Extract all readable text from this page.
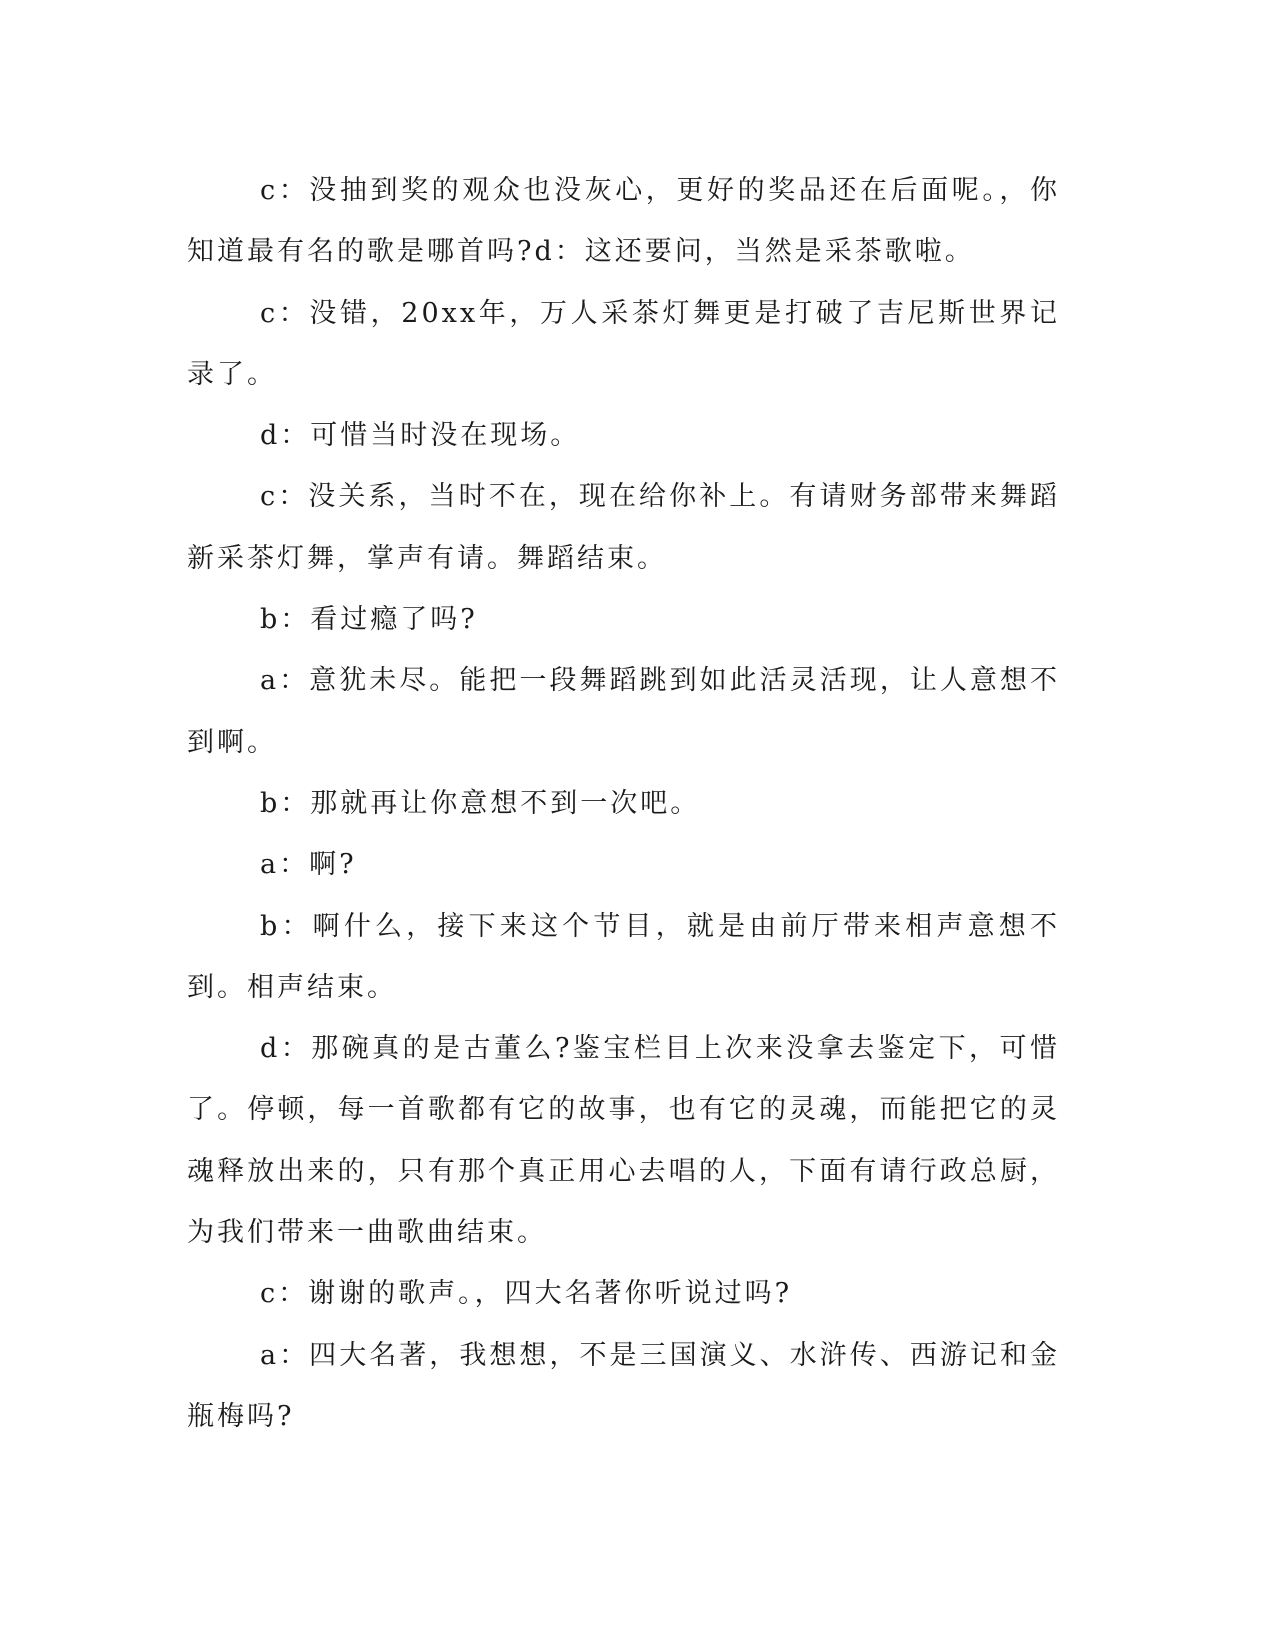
c：没抽到奖的观众也没灰心，更好的奖品还在后面呢。，你知道最有名的歌是哪首吗?d：这还要问，当然是采茶歌啦。

c：没错，20xx年，万人采茶灯舞更是打破了吉尼斯世界记录了。

d：可惜当时没在现场。

c：没关系，当时不在，现在给你补上。有请财务部带来舞蹈新采茶灯舞，掌声有请。舞蹈结束。

b：看过瘾了吗?

a：意犹未尽。能把一段舞蹈跳到如此活灵活现，让人意想不到啊。

b：那就再让你意想不到一次吧。

a：啊?

b：啊什么，接下来这个节目，就是由前厅带来相声意想不到。相声结束。

d：那碗真的是古董么?鉴宝栏目上次来没拿去鉴定下，可惜了。停顿，每一首歌都有它的故事，也有它的灵魂，而能把它的灵魂释放出来的，只有那个真正用心去唱的人，下面有请行政总厨，为我们带来一曲歌曲结束。

c：谢谢的歌声。，四大名著你听说过吗?

a：四大名著，我想想，不是三国演义、水浒传、西游记和金瓶梅吗?
